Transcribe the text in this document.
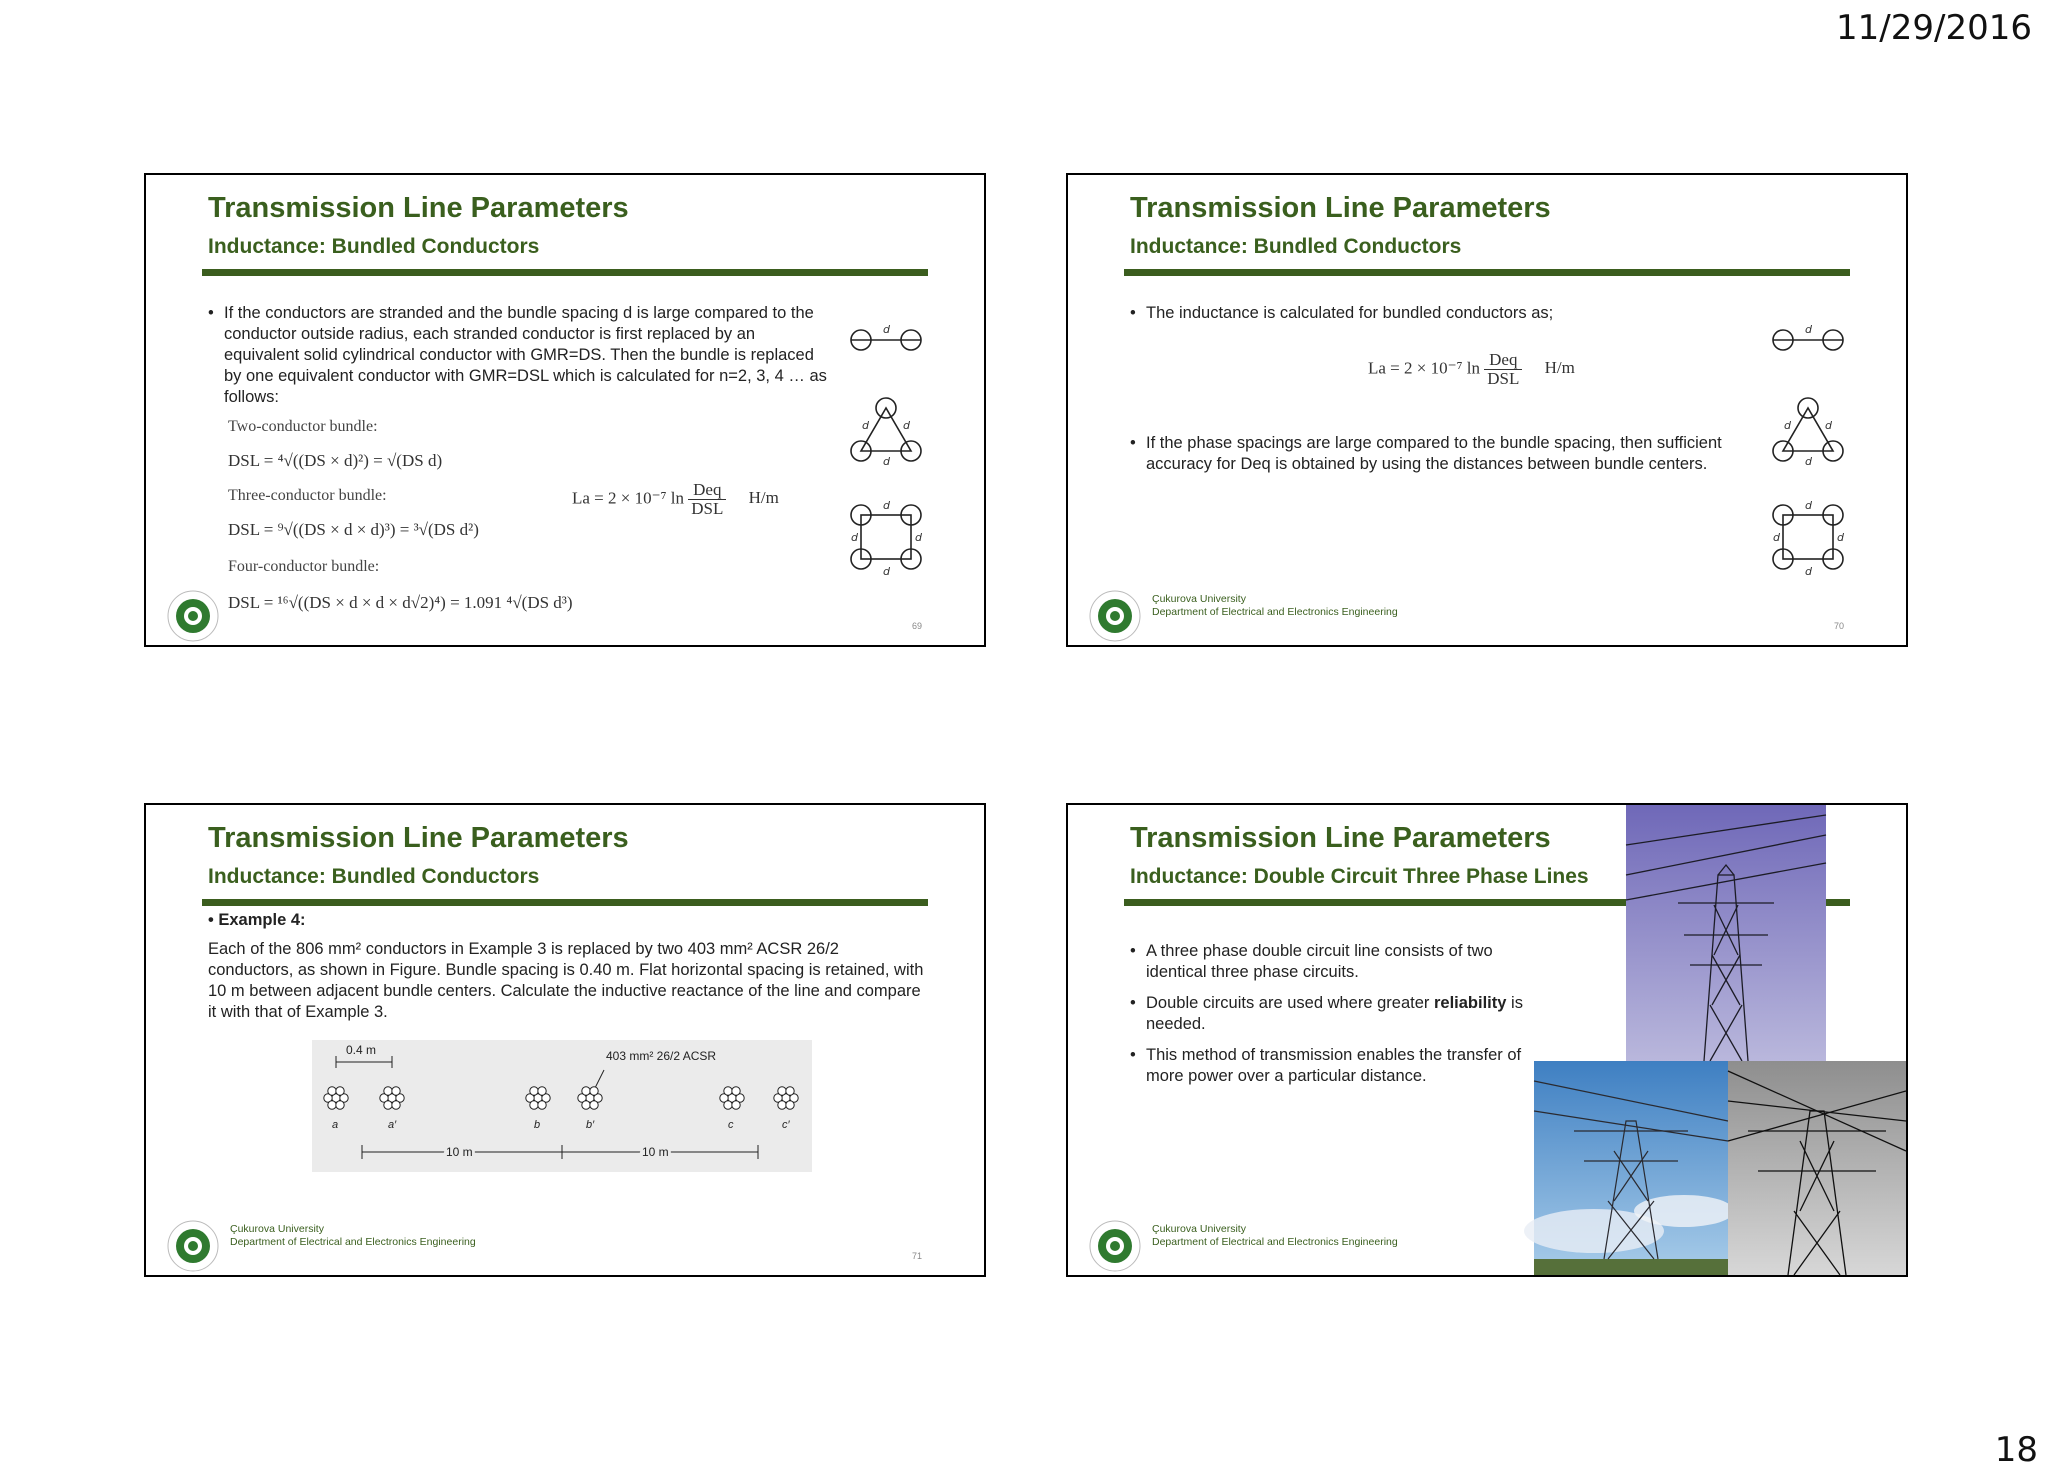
11/29/2016
Transmission Line Parameters
Inductance: Bundled Conductors
• If the conductors are stranded and the bundle spacing d is large compared to the conductor outside radius, each stranded conductor is first replaced by an equivalent solid cylindrical conductor with GMR=DS. Then the bundle is replaced by one equivalent conductor with GMR=DSL which is calculated for n=2, 3, 4 … as follows:
Two-conductor bundle:
DSL = ⁴√((DS × d)²) = √(DS d)
Three-conductor bundle:
DSL = ⁹√((DS × d × d)³) = ³√(DS d²)
Four-conductor bundle:
DSL = ¹⁶√((DS × d × d × d√2)⁴) = 1.091 ⁴√(DS d³)
La = 2 × 10⁻⁷ $\ln \frac{\text{Deq}}{\text{DSL}} H/m$
d
d	d
d
d
d	d
d
69
Transmission Line Parameters
Inductance: Bundled Conductors
• The inductance is calculated for bundled conductors as;
La = 2 × 10⁻⁷ $\ln \frac{\text{Deq}}{\text{DSL}} H/m$
• If the phase spacings are large compared to the bundle spacing, then sufficient accuracy for Deq is obtained by using the distances between bundle centers.
d
d	d
d
d
d	d
d
Çukurova University
Department of Electrical and Electronics Engineering
70
Transmission Line Parameters
Inductance: Bundled Conductors
• Example 4:
Each of the 806 mm² conductors in Example 3 is replaced by two 403 mm² ACSR 26/2 conductors, as shown in Figure. Bundle spacing is 0.40 m. Flat horizontal spacing is retained, with 10 m between adjacent bundle centers. Calculate the inductive reactance of the line and compare it with that of Example 3.
0.4 m	403 mm² 26/2 ACSR
10 m	10 m
a	a′	b	b′	c	c′
Çukurova University
Department of Electrical and Electronics Engineering
71
Transmission Line Parameters
Inductance: Double Circuit Three Phase Lines
• A three phase double circuit line consists of two identical three phase circuits.
• Double circuits are used where greater reliability is needed.
• This method of transmission enables the transfer of more power over a particular distance.
Çukurova University
Department of Electrical and Electronics Engineering
18
